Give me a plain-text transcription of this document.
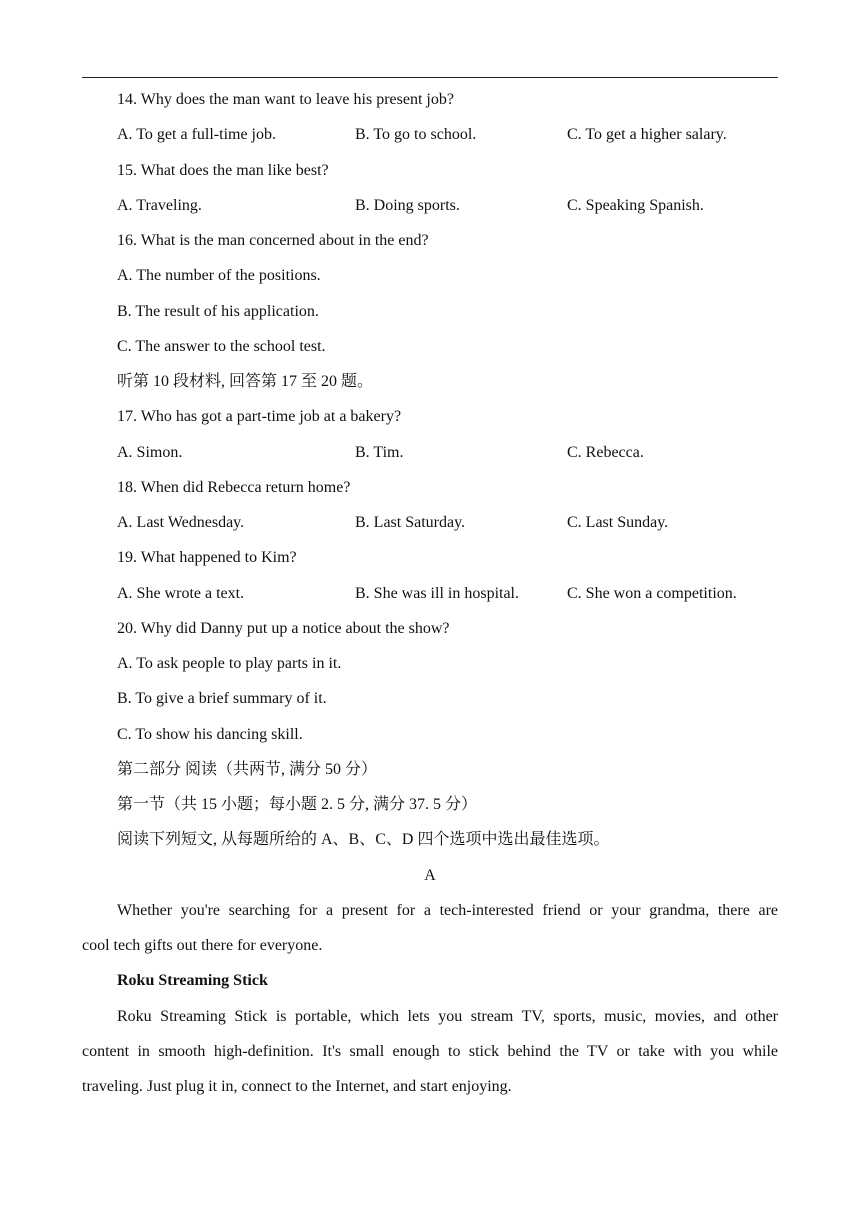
14. Why does the man want to leave his present job?
A. To get a full-time job.	B. To go to school.	C. To get a higher salary.
15. What does the man like best?
A. Traveling.	B. Doing sports.	C. Speaking Spanish.
16. What is the man concerned about in the end?
A. The number of the positions.
B. The result of his application.
C. The answer to the school test.
听第 10 段材料, 回答第 17 至 20 题。
17. Who has got a part-time job at a bakery?
A. Simon.	B. Tim.	C. Rebecca.
18. When did Rebecca return home?
A. Last Wednesday.	B. Last Saturday.	C. Last Sunday.
19. What happened to Kim?
A. She wrote a text.	B. She was ill in hospital.	C. She won a competition.
20. Why did Danny put up a notice about the show?
A. To ask people to play parts in it.
B. To give a brief summary of it.
C. To show his dancing skill.
第二部分 阅读（共两节, 满分 50 分）
第一节（共 15 小题；每小题 2. 5 分, 满分 37. 5 分）
阅读下列短文, 从每题所给的 A、B、C、D 四个选项中选出最佳选项。
A
Whether you're searching for a present for a tech-interested friend or your grandma, there are
cool tech gifts out there for everyone.
Roku Streaming Stick
Roku Streaming Stick is portable, which lets you stream TV, sports, music, movies, and other
content in smooth high-definition. It's small enough to stick behind the TV or take with you while
traveling. Just plug it in, connect to the Internet, and start enjoying.
